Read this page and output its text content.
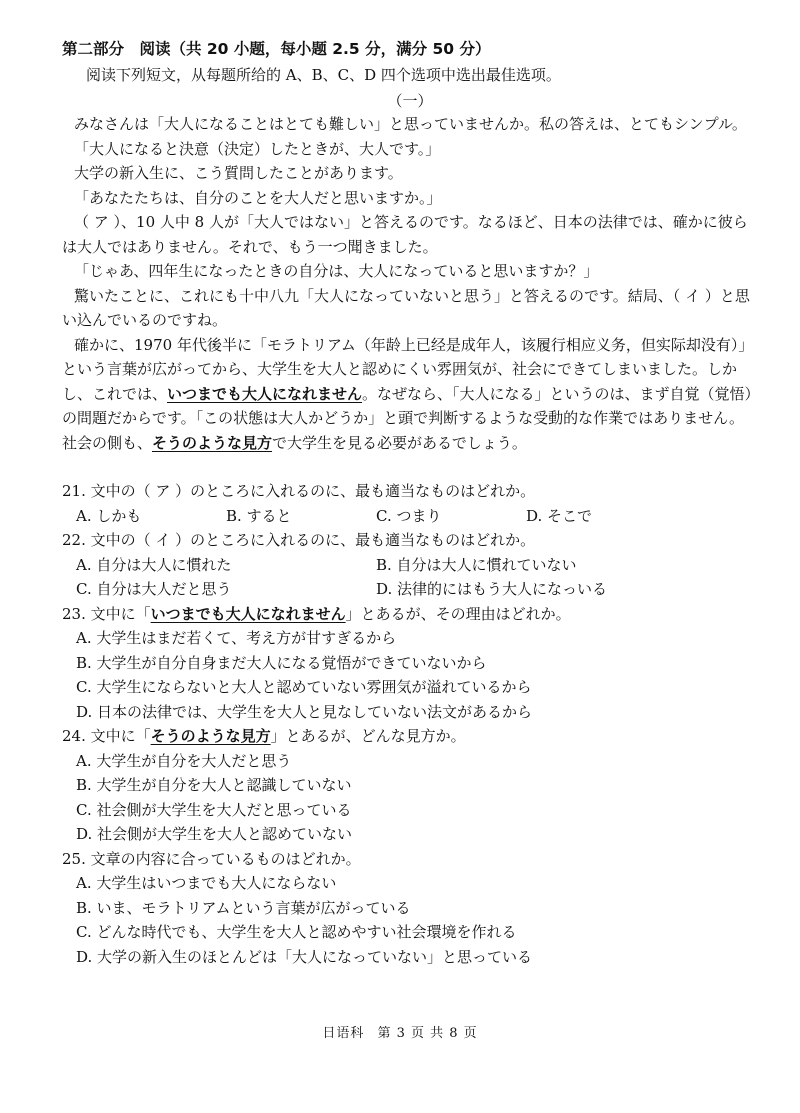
第二部分　阅读（共 20 小题，每小题 2.5 分，满分 50 分）
阅读下列短文，从每题所给的 A、B、C、D 四个选项中选出最佳选项。
（一）

みなさんは「大人になることはとても難しい」と思っていませんか。私の答えは、とてもシンプル。

「大人になると決意（決定）したときが、大人です。」

大学の新入生に、こう質問したことがあります。

「あなたたちは、自分のことを大人だと思いますか。」

（ ア ）、10 人中 8 人が「大人ではない」と答えるのです。なるほど、日本の法律では、確かに彼らは大人ではありません。それで、もう一つ聞きました。

「じゃあ、四年生になったときの自分は、大人になっていると思いますか？」

驚いたことに、これにも十中八九「大人になっていないと思う」と答えるのです。結局、（ イ ）と思い込んでいるのですね。

確かに、1970 年代後半に「モラトリアム（年龄上已经是成年人，该履行相应义务，但实际却没有）」という言葉が広がってから、大学生を大人と認めにくい雰囲気が、社会にできてしまいました。しかし、これでは、いつまでも大人になれません。なぜなら、「大人になる」というのは、まず自覚（覚悟）の問題だからです。「この状態は大人かどうか」と頭で判断するような受動的な作業ではありません。社会の側も、そうのような見方で大学生を見る必要があるでしょう。

21. 文中の（ ア ）のところに入れるのに、最も適当なものはどれか。

A. しかも	B. すると	C. つまり	D. そこで

22. 文中の（ イ ）のところに入れるのに、最も適当なものはどれか。

A. 自分は大人に慣れた	B. 自分は大人に慣れていない
C. 自分は大人だと思う	D. 法律的にはもう大人になっいる

23. 文中に「いつまでも大人になれません」とあるが、その理由はどれか。

A. 大学生はまだ若くて、考え方が甘すぎるから
B. 大学生が自分自身まだ大人になる覚悟ができていないから
C. 大学生にならないと大人と認めていない雰囲気が溢れているから
D. 日本の法律では、大学生を大人と見なしていない法文があるから

24. 文中に「そうのような見方」とあるが、どんな見方か。

A. 大学生が自分を大人だと思う
B. 大学生が自分を大人と認識していない
C. 社会側が大学生を大人だと思っている
D. 社会側が大学生を大人と認めていない

25. 文章の内容に合っているものはどれか。

A. 大学生はいつまでも大人にならない
B. いま、モラトリアムという言葉が広がっている
C. どんな時代でも、大学生を大人と認めやすい社会環境を作れる
D. 大学の新入生のほとんどは「大人になっていない」と思っている
日语科 第 3 页 共 8 页
